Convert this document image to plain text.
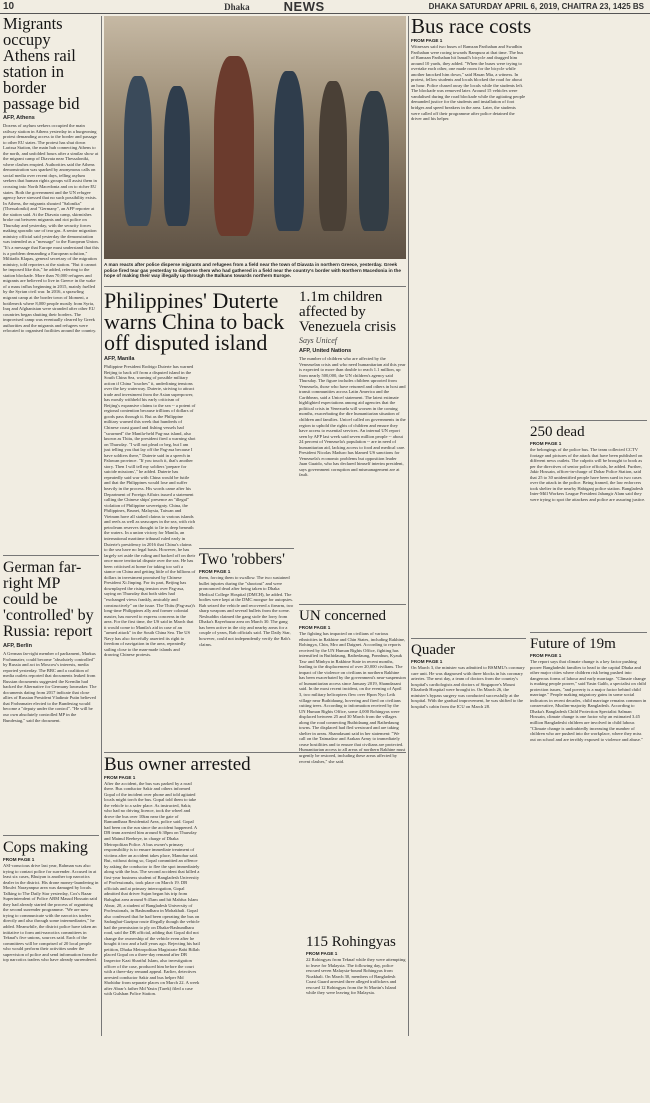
10	Dhaka	NEWS	DHAKA SATURDAY APRIL 6, 2019, CHAITRA 23, 1425 BS
Migrants occupy Athens rail station in border passage bid
AFP, Athens
Dozens of asylum seekers occupied the main railway station in Athens yesterday in a burgeoning protest demanding access to the border and passage to other EU states. The protest has shut down Larissa Station, the main hub connecting Athens to the north, and unfolded hours after a similar show at the migrant camp of Diavata near Thessaloniki, where clashes erupted. Authorities said the Athens demonstration was sparked by anonymous calls on social media over recent days, telling asylum seekers that human rights groups will assist them in crossing into North Macedonia and on to richer EU states. Both the government and the UN refugee agency have stressed that no such possibility exists. In Athens, the migrants shouted "Salonika" (Thessaloniki) and "Germany", an AFP reporter at the station said. At the Diavata camp, skirmishes broke out between migrants and riot police on Thursday and yesterday, with the security forces making sporadic use of tear gas. A senior migration ministry official said yesterday the demonstration was intended as a "message" to the European Union. "It's a message that Europe must understand that this is a problem demanding a European solution," Miltiadis Klapas, general secretary of the migration ministry, told reporters at the station. "But it cannot be imposed like this," he added, referring to the station blockade. More than 70,000 refugees and migrants are believed to live in Greece in the wake of a mass influx beginning in 2015, mainly fuelled by the Syrian civil war. In 2016, a sprawling migrant camp at the border town of Idomeni, a bottleneck where 8,000 people mostly from Syria, Iraq and Afghanistan were stranded after other EU countries began shutting their borders. The improvised camp was eventually cleared by Greek authorities and the migrants and refugees were relocated to organised facilities around the country.
German far-right MP could be 'controlled' by Russia: report
AFP, Berlin
A German far-right member of parliament, Markus Frohnmaier, could become "absolutely controlled" by Russia and act in Moscow's interests, media reported yesterday. The BBC and a coalition of media outlets reported that documents leaked from Russian documents suggested the Kremlin had backed the Alternative for Germany lawmaker. The documents dating from 2017 indicate that close allies of Russian President Vladimir Putin believed that Frohnmaier elected to the Bundestag would become a "deputy under the control". "He will be our own absolutely controlled MP in the Bundestag," said the document.
Cops making
FROM PAGE 1
ASI-conscious drive last year, Rahman was also trying to contact police for surrender. Accused in at least six cases, Bhuiyan is another top narcotics dealer in the district. His drone money-laundering in Moulvi Narayanpur area was damaged by locals. Talking to The Daily Star yesterday, Cox's Bazar Superintendent of Police ABM Masud Hossain said they had already started the process of organising the second surrender programme. "We are now trying to communicate with the narcotics traders directly and also through some intermediaries," he added. Meanwhile, the district police have taken an initiative to form anti-narcotics committees in Teknaf's five unions, sources said. Each of the committees will be comprised of 20 local people who would perform their activities under the supervision of police and send information from the top narcotics traders who have already surrendered.
A man reacts after police disperse migrants and refugees from a field near the town of Diavata in northern Greece, yesterday. Greek police fired tear gas yesterday to disperse them who had gathered in a field near the country's border with Northern Macedonia in the hope of making their way illegally up through the Balkans towards northern Europe.
Philippines' Duterte warns China to back off disputed island
AFP, Manila
Philippine President Rodrigo Duterte has warned Beijing to back off from a disputed island in the South China Sea, warning of possible military action if China "touches" it, underlining tensions over the key waterway. Duterte, striving to attract trade and investment from the Asian superpower, has mostly withheld his early criticism of Beijing's expansive claims to the sea -- a potent of regional contention because trillions of dollars of goods pass through it. But as the Philippine military warned this week that hundreds of Chinese coast guard and fishing vessels had "swarmed" the Manila-held Pag-asa island, also known as Thitu, the president fired a warning shot on Thursday. "I will not plead or beg, but I am just telling you that lay off the Pag-asa because I have soldiers there," Duterte said in a speech in Palawan province. "If you touch it, that's another story. Then I will tell my soldiers 'prepare for suicide missions'," he added. Duterte has repeatedly said war with China would be futile and that the Philippines would lose and suffer heavily in the process. His words came after his Department of Foreign Affairs issued a statement calling the Chinese ships' presence an "illegal" violation of Philippine sovereignty. China, the Philippines, Brunei, Malaysia, Taiwan and Vietnam have all staked claims to various islands and reefs as well as seascapes in the sea, with rich petroleum reserves thought to lie in deep beneath the waters. In a union victory for Manila, an international maritime tribunal ruled early in Duterte's presidency in 2016 that China's claims to the sea have no legal basis. However, he has largely set aside the ruling and backed off on their once more territorial dispute over the sea. He has been criticised at home for taking too soft a stance on China and getting little of the billions of dollars in investment promised by Chinese President Xi Jinping. For its part, Beijing has downplayed the rising tension over Pag-asa, saying on Thursday that both sides had "exchanged views frankly, amicably and constructively" on the issue. The Thitu (Pag-asa)'s long-time Philippines ally and former colonial master, has moved to express concerns in the area. For the first time, the US said in March that it would come to Manila's aid in case of an "armed attack" in the South China Sea. The US Navy has also forcefully asserted its right to freedom of navigation in the area, repeatedly sailing close to the man-made islands and drawing Chinese protests.
Two 'robbers'
FROM PAGE 1
them, forcing them to swallow. The two sustained bullet injuries during the "shootout" and were pronounced dead after being taken to Dhaka Medical College Hospital (DMCH), he added. The bodies were kept at the DMC morgue for autopsies. Rab seized the vehicle and recovered a firearm, two sharp weapons and several bullets from the scene. Neshuddin claimed the gang stole the lorry from Dhaka's Rayerbazar area on March 30. The gang has been active in the city and nearby areas for a couple of years, Rab officials said. The Daily Star, however, could not independently verify the Rab's claims.
Bus owner arrested
FROM PAGE 1
After the accident, the bus was parked by a road there. Bus conductor Sakir and others informed Gopal of the incident over phone and told agitated locals might torch the bus. Gopal told them to take the vehicle to a safer place. As instructed, Sakir, who had no driving licence, took the wheel and drove the bus over 10km near the gate of Ramundhara Residential Area, police said. Gopal had been on the run since the accident happened. A DB team arrested him around 6:30pm on Thursday and Mainul Reebeye, in charge of Dhaka Metropolitan Police. A bus owner's primary responsibility is to ensure immediate treatment of victims after an accident takes place, Manohar said. But, without doing so, Gopal committed an offence by asking the conductor to flee the spot immediately along with the bus. The second accident that killed a first-year business student of Bangladesh University of Professionals, took place on March 19. DB officials and at primary interrogation, Gopal admitted that driver Sujan began his trip from Balughat area around 9:45am and hit Mahfuz Islam Abrar, 20, a student of Bangladesh University of Professionals, in Bashundhara in Mohakhali. Gopal also confessed that he had been operating the bus on Sadarghat-Gazipur route illegally though the vehicle had the permission to ply on Dhaka-Bashundhara road, said the DB official, adding that Gopal did not change the ownership of the vehicle even after he bought it two and a half years ago. Rejecting his bail petition, Dhaka Metropolitan Magistrate Babi Billah placed Gopal on a three-day remand after DB Inspector Kazi Shariful Islam, also investigation officer of the case, produced him before the court with a three-day remand appeal. Earlier, detectives arrested conductor Sakir and bus helper Md Shohidur from separate places on March 22. A week after Abrar's father Md Yasin (Tarek) filed a case with Gulshan Police Station.
115 Rohingyas
FROM PAGE 1
22 Rohingyas from Teknaf while they were attempting to leave for Malaysia. The following day, police rescued seven Malaysia-bound Rohingyas from Noakhali. On March 30, members of Bangladesh Coast Guard arrested three alleged traffickers and rescued 12 Rohingyas from the St Martin's Island while they were leaving for Malaysia.
1.1m children affected by Venezuela crisis
Says Unicef
AFP, United Nations
The number of children who are affected by the Venezuelan crisis and who need humanitarian aid this year is expected to more than double to reach 1.1 million, up from nearly 500,000, the UN children's agency said Thursday. The figure includes children uprooted from Venezuela, those who have returned and others in host and transit communities across Latin America and the Caribbean, said a Unicef statement. The latest estimate highlighted expectations among aid agencies that the political crisis in Venezuela will worsen in the coming months, exacerbating the dire humanitarian situation of children and families. Unicef called on governments in the region to uphold the rights of children and ensure they have access to essential services. An internal UN report seen by AFP last week said seven million people -- about 24 percent of Venezuela's population -- are in need of humanitarian aid, lacking access to food and medical care. President Nicolas Maduro has blamed US sanctions for Venezuela's economic problems but opposition leader Juan Guaido, who has declared himself interim president, says government corruption and mismanagement are at fault.
UN concerned
FROM PAGE 1
The fighting has impacted on civilians of various ethnicities in Rakhine and Chin States, including Rakhine, Rohingya, Chin, Mro and Daignet. According to reports received by the UN Human Rights Office, fighting has intensified in Buthidaung, Rathedaung, Ponnhun, Kyauk Taw and Minbya in Rakhine State in recent months, leading to the displacement of over 20,000 civilians. The impact of the violence on civilians in northern Rakhine has been exacerbated by the government's near-suspension of humanitarian access since January 2019, Shamdasani said. In the most recent incident, on the evening of April 3, two military helicopters flew over Hpon Nyo Leik village near Buthidaung, hovering and fired on civilians cutting trees. According to information received by the UN Human Rights Office, some 4,000 Rohingyas were displaced between 25 and 30 March from the villages along the road connecting Buthidaung and Rathedaung towns. The displaced had fled westward and are taking shelter in areas. Shamdasani said in her statement: "We call on the Tatmadaw and Arakan Army to immediately cease hostilities and to ensure that civilians are protected. Humanitarian access to all areas of northern Rakhine must urgently be restored, including these areas affected by recent clashes," she said.
Bus race costs
FROM PAGE 1
Witnesses said two buses of Ramzan Paribahan and Swadhin Paribahan were racing towards Rampura at that time. The bus of Ramzan Paribahan hit Ismail's bicycle and dragged him around 10 yards, they added. "When the buses were trying to overtake each other, one made room for the bicycle while another knocked him down," said Hasan Mia, a witness. In protest, fellow students and locals blocked the road for about an hour. Police chased away the locals while the students left. The blockade was removed later. Around 15 vehicles were vandalised during the road blockade while the agitating people demanded justice for the students and installation of foot bridges and speed breakers in the area. Later, the students were called off their programme after police detained the driver and his helper.
Quader
FROM PAGE 1
On March 3, the minister was admitted to BSMMU's coronary care unit. He was diagnosed with three blocks in his coronary arteries. The next day, a team of doctors from the country's hospital's cardiologists and doctors of Singapore's Mount Elizabeth Hospital were brought in. On March 26, the minister's bypass surgery was conducted successfully at the hospital. With the gradual improvement, he was shifted to the hospital's cabin from the ICU on March 28.
250 dead
FROM PAGE 1
the belongings of the police bus. The team collected CCTV footage and pictures of the attack that have been published on different news outlets. The culprits will be brought to book as per the directives of senior police officials, he added. Further, Jakir Hossain, officer-in-charge of Dohar Police Station, said that 25 to 30 unidentified people have been sued in two cases over the attack in the police. Being framed, the law enforcers took shelter in the nearby Habiganj police station. Bangladesh Inter-Mill Workers League President Jahangir Alam said they were trying to spot the attackers and police are assuring justice.
Future of 19m
FROM PAGE 1
The report says that climate change is a key factor pushing poorer Bangladeshi families to head to the capital Dhaka and other major cities where children risk being pushed into dangerous forms of labour and early marriage. "Climate change is making people poorer," said Yasin Galib, a specialist on child protection issues, "and poverty is a major factor behind child marriage." People making migratory gains in some social indicators in recent decades, child marriage remains common in conservative, Muslim-majority Bangladesh. According to Dhaka's Bangladesh Child Protection Specialist Salman Hossain, climate change is one factor why an estimated 3.45 million Bangladeshi children are involved in child labour. "Climate change is undoubtedly increasing the number of children who are pushed into the workplace, where they miss out on school and are terribly exposed to violence and abuse."
